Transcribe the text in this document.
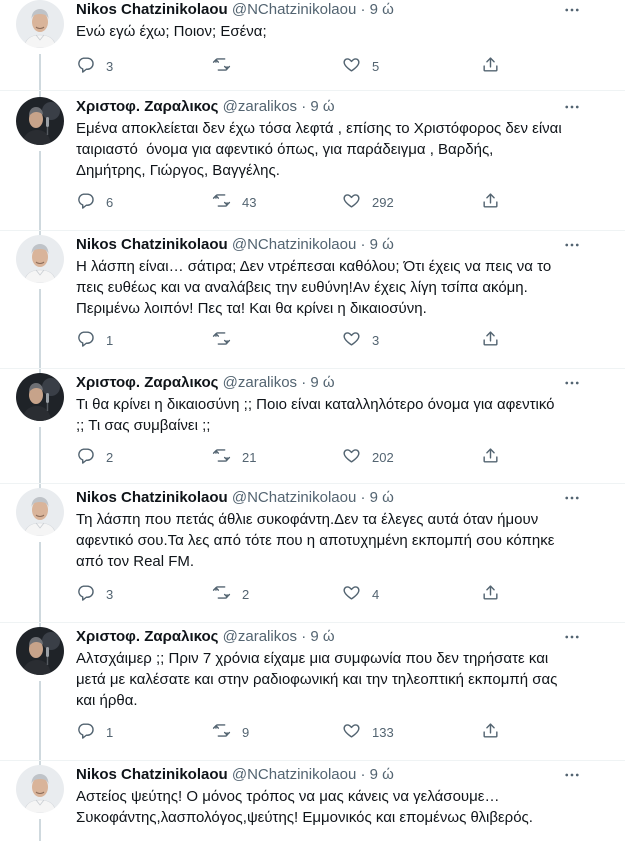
Nikos Chatzinikolaou @NChatzinikolaou · 9 ώ
Ενώ εγώ έχω; Ποιον; Εσένα;
3	5
Χριστοφ. Ζαραλικος @zaralikos · 9 ώ
Εμένα αποκλείεται δεν έχω τόσα λεφτά , επίσης το Χριστόφορος δεν είναι
ταιριαστό  όνομα για αφεντικό όπως, για παράδειγμα , Βαρδής,
Δημήτρης, Γιώργος, Βαγγέλης.
6	43	292
Nikos Chatzinikolaou @NChatzinikolaou · 9 ώ
Η λάσπη είναι… σάτιρα; Δεν ντρέπεσαι καθόλου; Ότι έχεις να πεις να το
πεις ευθέως και να αναλάβεις την ευθύνη!Αν έχεις λίγη τσίπα ακόμη.
Περιμένω λοιπόν! Πες τα! Και θα κρίνει η δικαιοσύνη.
1	3
Χριστοφ. Ζαραλικος @zaralikos · 9 ώ
Τι θα κρίνει η δικαιοσύνη ;; Ποιο είναι καταλληλότερο όνομα για αφεντικό
;; Τι σας συμβαίνει ;;
2	21	202
Nikos Chatzinikolaou @NChatzinikolaou · 9 ώ
Τη λάσπη που πετάς άθλιε συκοφάντη.Δεν τα έλεγες αυτά όταν ήμουν
αφεντικό σου.Τα λες από τότε που η αποτυχημένη εκπομπή σου κόπηκε
από τον Real FM.
3	2	4
Χριστοφ. Ζαραλικος @zaralikos · 9 ώ
Αλτσχάιμερ ;; Πριν 7 χρόνια είχαμε μια συμφωνία που δεν τηρήσατε και
μετά με καλέσατε και στην ραδιοφωνική και την τηλεοπτική εκπομπή σας
και ήρθα.
1	9	133
Nikos Chatzinikolaou @NChatzinikolaou · 9 ώ
Αστείος ψεύτης! Ο μόνος τρόπος να μας κάνεις να γελάσουμε…
Συκοφάντης,λασπολόγος,ψεύτης! Εμμονικός και επομένως θλιβερός.
